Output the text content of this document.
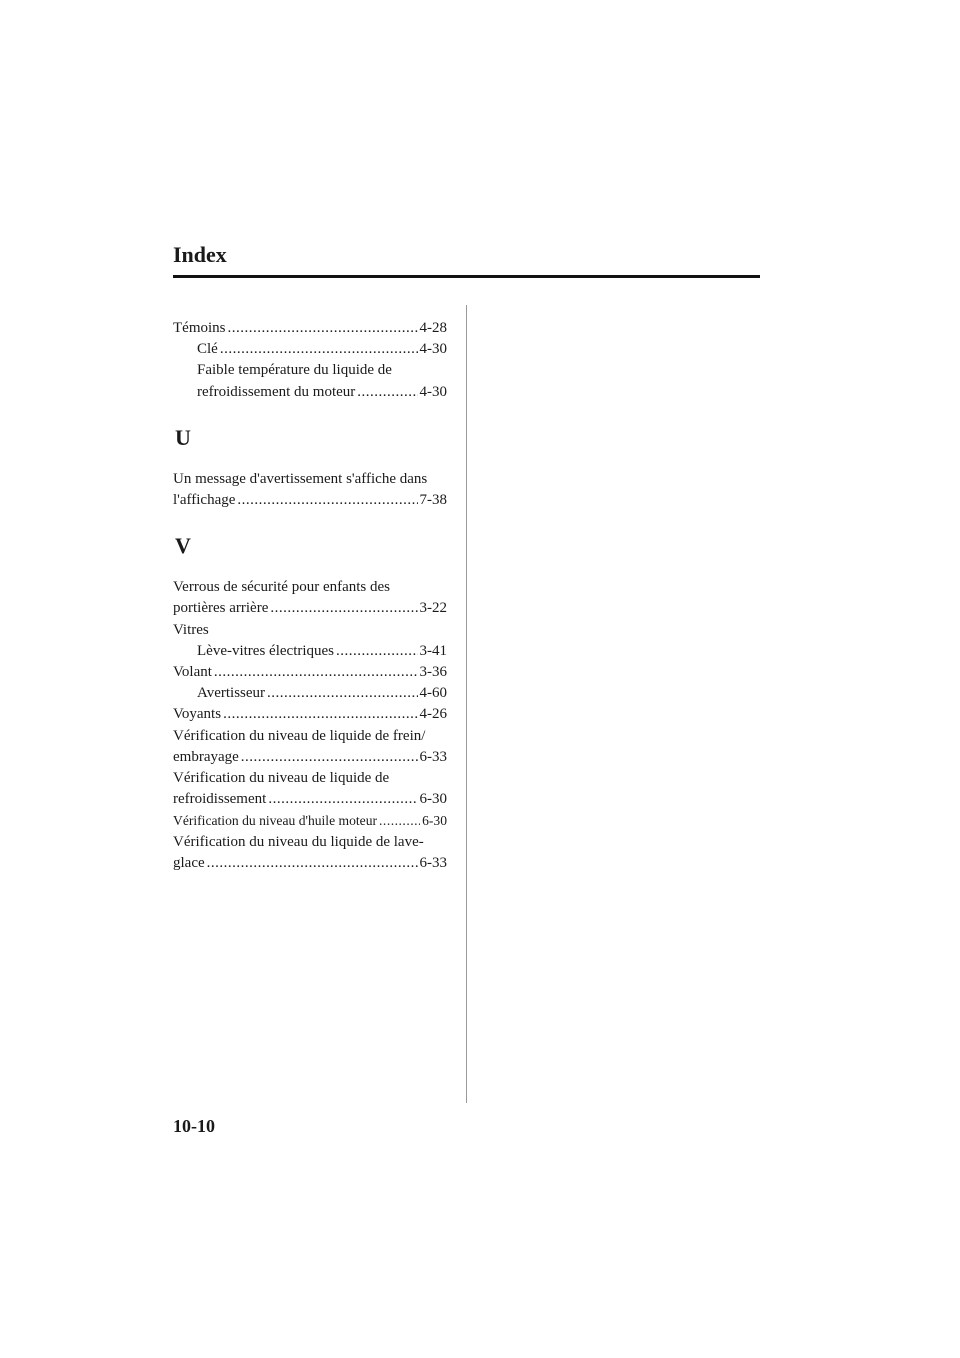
Index
Témoins .....	4-28
Clé .....	4-30
Faible température du liquide de
refroidissement du moteur .....	4-30
U
Un message d'avertissement s'affiche dans
l'affichage .....	7-38
V
Verrous de sécurité pour enfants des
portières arrière .....	3-22
Vitres
Lève-vitres électriques .....	3-41
Volant .....	3-36
Avertisseur .....	4-60
Voyants .....	4-26
Vérification du niveau de liquide de frein/
embrayage .....	6-33
Vérification du niveau de liquide de
refroidissement .....	6-30
Vérification du niveau d'huile moteur .....	6-30
Vérification du niveau du liquide de lave-
glace .....	6-33
10-10
